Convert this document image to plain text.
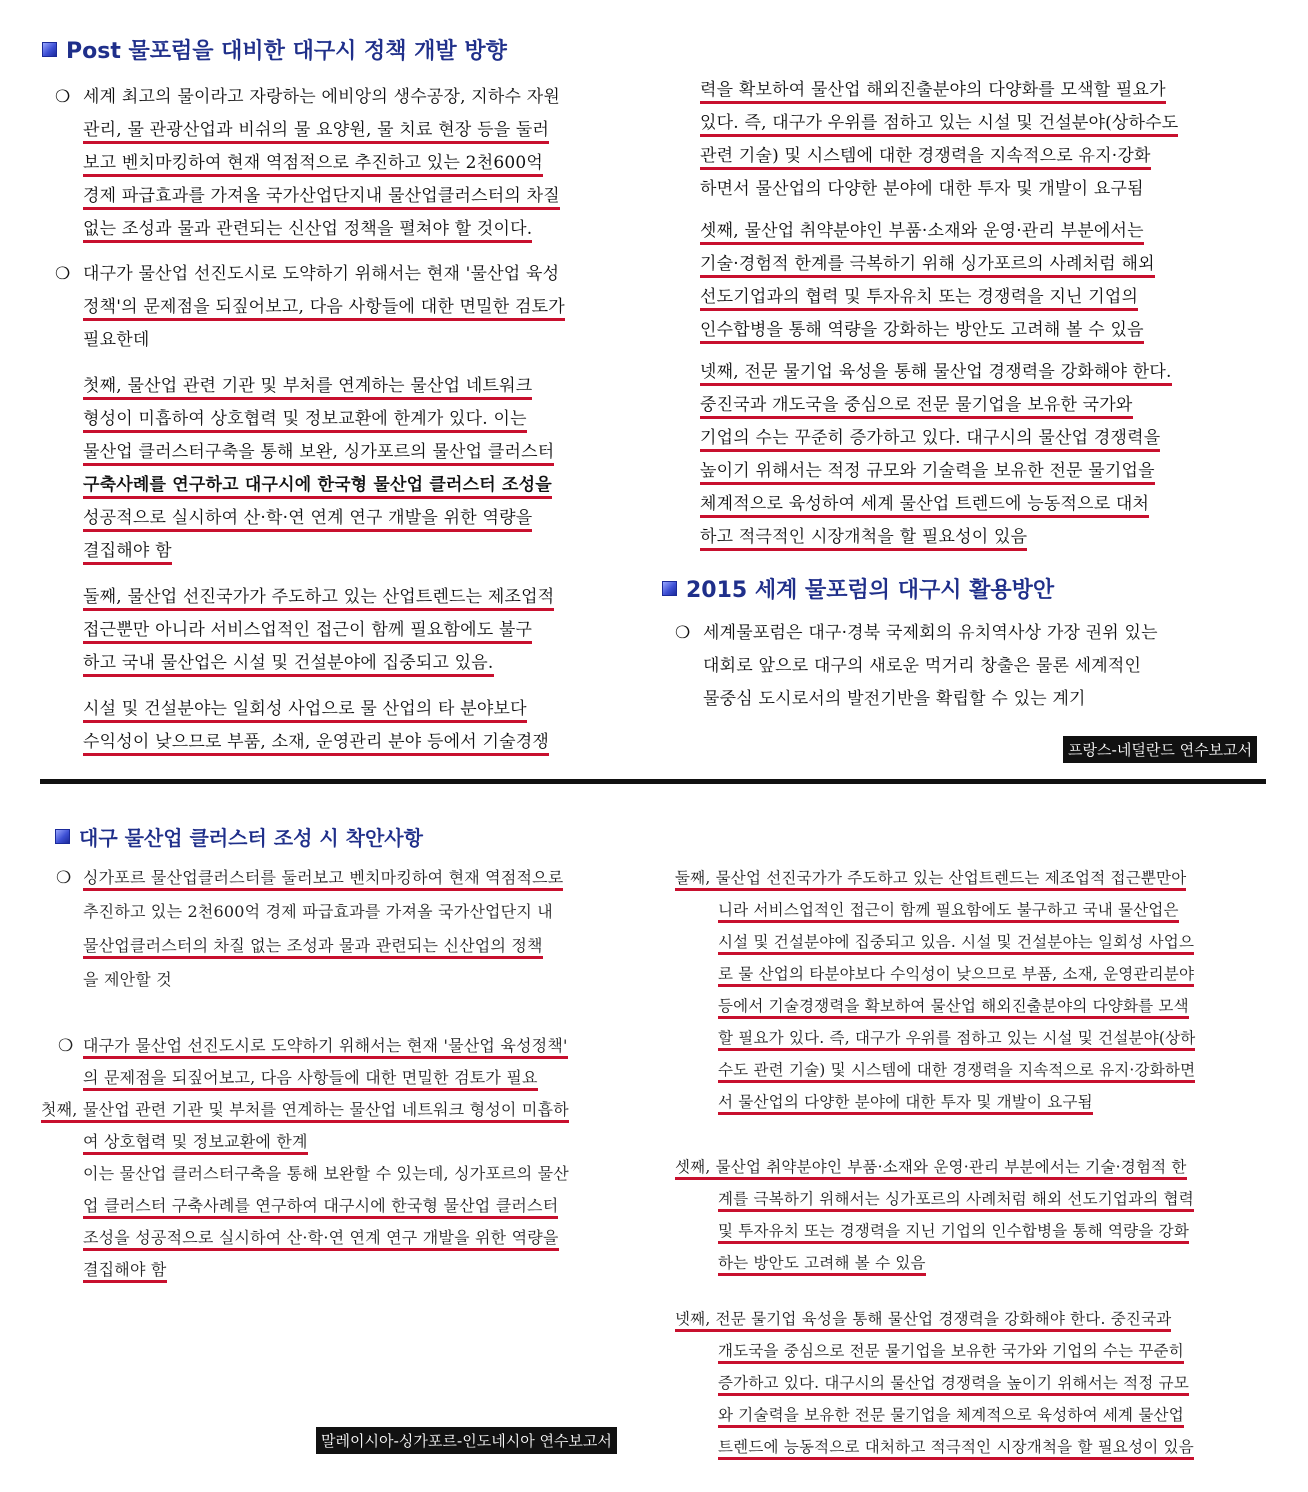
Post 물포럼을 대비한 대구시 정책 개발 방향
❍ 세계 최고의 물이라고 자랑하는 에비앙의 생수공장, 지하수 자원
관리, 물 관광산업과 비쉬의 물 요양원, 물 치료 현장 등을 둘러
보고 벤치마킹하여 현재 역점적으로 추진하고 있는 2천600억
경제 파급효과를 가져올 국가산업단지내 물산업클러스터의 차질
없는 조성과 물과 관련되는 신산업 정책을 펼쳐야 할 것이다.
❍ 대구가 물산업 선진도시로 도약하기 위해서는 현재 '물산업 육성
정책'의 문제점을 되짚어보고, 다음 사항들에 대한 면밀한 검토가
필요한데
첫째, 물산업 관련 기관 및 부처를 연계하는 물산업 네트워크
형성이 미흡하여 상호협력 및 정보교환에 한계가 있다. 이는
물산업 클러스터구축을 통해 보완, 싱가포르의 물산업 클러스터
구축사례를 연구하고 대구시에 한국형 물산업 클러스터 조성을
성공적으로 실시하여 산·학·연 연계 연구 개발을 위한 역량을
결집해야 함
둘째, 물산업 선진국가가 주도하고 있는 산업트렌드는 제조업적
접근뿐만 아니라 서비스업적인 접근이 함께 필요함에도 불구
하고 국내 물산업은 시설 및 건설분야에 집중되고 있음.
시설 및 건설분야는 일회성 사업으로 물 산업의 타 분야보다
수익성이 낮으므로 부품, 소재, 운영관리 분야 등에서 기술경쟁
력을 확보하여 물산업 해외진출분야의 다양화를 모색할 필요가
있다. 즉, 대구가 우위를 점하고 있는 시설 및 건설분야(상하수도
관련 기술) 및 시스템에 대한 경쟁력을 지속적으로 유지·강화
하면서 물산업의 다양한 분야에 대한 투자 및 개발이 요구됨
셋째, 물산업 취약분야인 부품·소재와 운영·관리 부분에서는
기술·경험적 한계를 극복하기 위해 싱가포르의 사례처럼 해외
선도기업과의 협력 및 투자유치 또는 경쟁력을 지닌 기업의
인수합병을 통해 역량을 강화하는 방안도 고려해 볼 수 있음
넷째, 전문 물기업 육성을 통해 물산업 경쟁력을 강화해야 한다.
중진국과 개도국을 중심으로 전문 물기업을 보유한 국가와
기업의 수는 꾸준히 증가하고 있다. 대구시의 물산업 경쟁력을
높이기 위해서는 적정 규모와 기술력을 보유한 전문 물기업을
체계적으로 육성하여 세계 물산업 트렌드에 능동적으로 대처
하고 적극적인 시장개척을 할 필요성이 있음
2015 세계 물포럼의 대구시 활용방안
❍ 세계물포럼은 대구·경북 국제회의 유치역사상 가장 권위 있는
대회로 앞으로 대구의 새로운 먹거리 창출은 물론 세계적인
물중심 도시로서의 발전기반을 확립할 수 있는 계기
프랑스-네덜란드 연수보고서
대구 물산업 클러스터 조성 시 착안사항
❍ 싱가포르 물산업클러스터를 둘러보고 벤치마킹하여 현재 역점적으로
추진하고 있는 2천600억 경제 파급효과를 가져올 국가산업단지 내
물산업클러스터의 차질 없는 조성과 물과 관련되는 신산업의 정책
을 제안할 것
❍ 대구가 물산업 선진도시로 도약하기 위해서는 현재 '물산업 육성정책'
의 문제점을 되짚어보고, 다음 사항들에 대한 면밀한 검토가 필요
첫째, 물산업 관련 기관 및 부처를 연계하는 물산업 네트워크 형성이 미흡하
여 상호협력 및 정보교환에 한계
이는 물산업 클러스터구축을 통해 보완할 수 있는데, 싱가포르의 물산
업 클러스터 구축사례를 연구하여 대구시에 한국형 물산업 클러스터
조성을 성공적으로 실시하여 산·학·연 연계 연구 개발을 위한 역량을
결집해야 함
말레이시아-싱가포르-인도네시아 연수보고서
둘째, 물산업 선진국가가 주도하고 있는 산업트렌드는 제조업적 접근뿐만아
니라 서비스업적인 접근이 함께 필요함에도 불구하고 국내 물산업은
시설 및 건설분야에 집중되고 있음. 시설 및 건설분야는 일회성 사업으
로 물 산업의 타분야보다 수익성이 낮으므로 부품, 소재, 운영관리분야
등에서 기술경쟁력을 확보하여 물산업 해외진출분야의 다양화를 모색
할 필요가 있다. 즉, 대구가 우위를 점하고 있는 시설 및 건설분야(상하
수도 관련 기술) 및 시스템에 대한 경쟁력을 지속적으로 유지·강화하면
서 물산업의 다양한 분야에 대한 투자 및 개발이 요구됨
셋째, 물산업 취약분야인 부품·소재와 운영·관리 부분에서는 기술·경험적 한
계를 극복하기 위해서는 싱가포르의 사례처럼 해외 선도기업과의 협력
및 투자유치 또는 경쟁력을 지닌 기업의 인수합병을 통해 역량을 강화
하는 방안도 고려해 볼 수 있음
넷째, 전문 물기업 육성을 통해 물산업 경쟁력을 강화해야 한다. 중진국과
개도국을 중심으로 전문 물기업을 보유한 국가와 기업의 수는 꾸준히
증가하고 있다. 대구시의 물산업 경쟁력을 높이기 위해서는 적정 규모
와 기술력을 보유한 전문 물기업을 체계적으로 육성하여 세계 물산업
트렌드에 능동적으로 대처하고 적극적인 시장개척을 할 필요성이 있음
